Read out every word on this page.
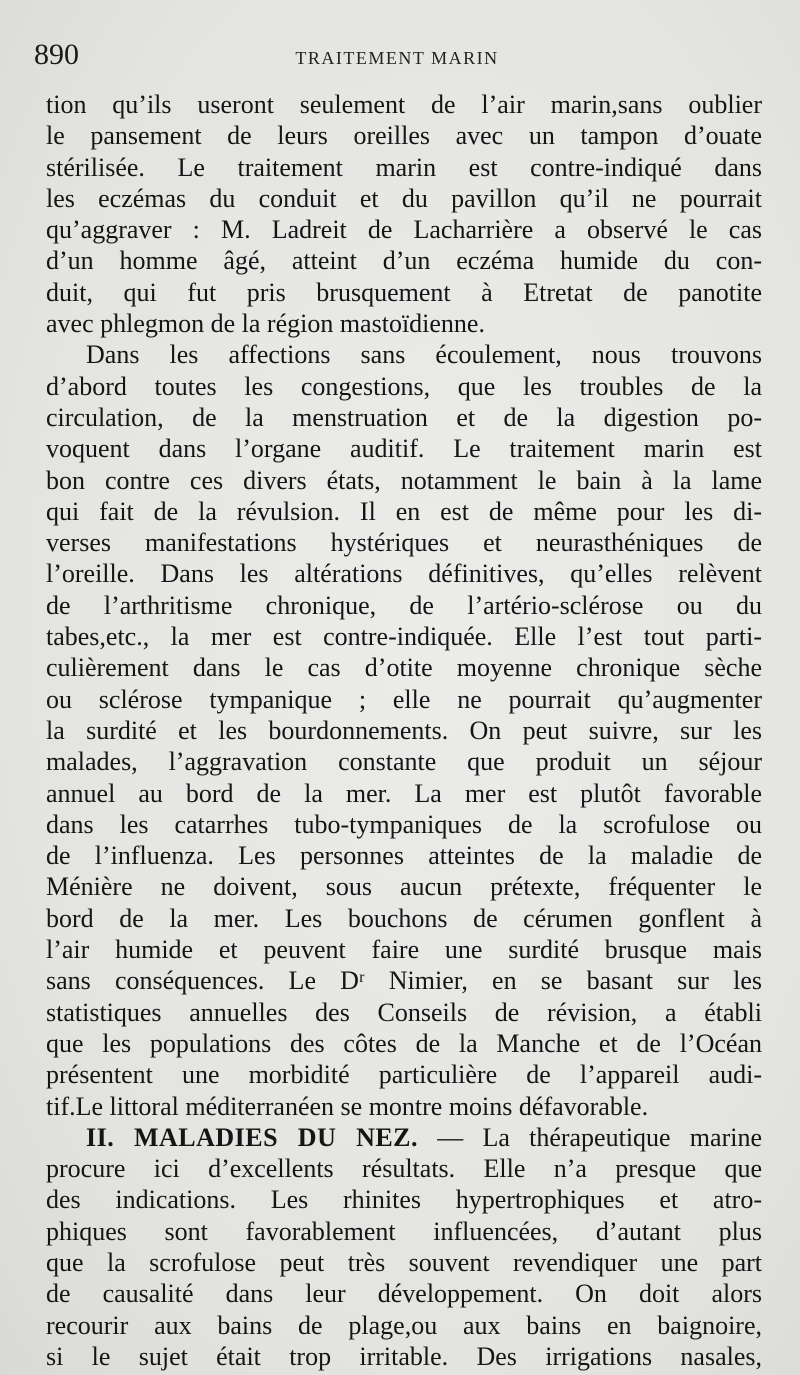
890	TRAITEMENT MARIN
tion qu’ils useront seulement de l’air marin,sans oublier
le pansement de leurs oreilles avec un tampon d’ouate
stérilisée. Le traitement marin est contre-indiqué dans
les eczémas du conduit et du pavillon qu’il ne pourrait
qu’aggraver : M. Ladreit de Lacharrière a observé le cas
d’un homme âgé, atteint d’un eczéma humide du con-
duit, qui fut pris brusquement à Etretat de panotite
avec phlegmon de la région mastoïdienne.
Dans les affections sans écoulement, nous trouvons
d’abord toutes les congestions, que les troubles de la
circulation, de la menstruation et de la digestion po-
voquent dans l’organe auditif. Le traitement marin est
bon contre ces divers états, notamment le bain à la lame
qui fait de la révulsion. Il en est de même pour les di-
verses manifestations hystériques et neurasthéniques de
l’oreille. Dans les altérations définitives, qu’elles relèvent
de l’arthritisme chronique, de l’artério-sclérose ou du
tabes,etc., la mer est contre-indiquée. Elle l’est tout parti-
culièrement dans le cas d’otite moyenne chronique sèche
ou sclérose tympanique ; elle ne pourrait qu’augmenter
la surdité et les bourdonnements. On peut suivre, sur les
malades, l’aggravation constante que produit un séjour
annuel au bord de la mer. La mer est plutôt favorable
dans les catarrhes tubo-tympaniques de la scrofulose ou
de l’influenza. Les personnes atteintes de la maladie de
Ménière ne doivent, sous aucun prétexte, fréquenter le
bord de la mer. Les bouchons de cérumen gonflent à
l’air humide et peuvent faire une surdité brusque mais
sans conséquences. Le Dʳ Nimier, en se basant sur les
statistiques annuelles des Conseils de révision, a établi
que les populations des côtes de la Manche et de l’Océan
présentent une morbidité particulière de l’appareil audi-
tif.Le littoral méditerranéen se montre moins défavorable.
II. MALADIES DU NEZ. — La thérapeutique marine
procure ici d’excellents résultats. Elle n’a presque que
des indications. Les rhinites hypertrophiques et atro-
phiques sont favorablement influencées, d’autant plus
que la scrofulose peut très souvent revendiquer une part
de causalité dans leur développement. On doit alors
recourir aux bains de plage,ou aux bains en baignoire,
si le sujet était trop irritable. Des irrigations nasales,
